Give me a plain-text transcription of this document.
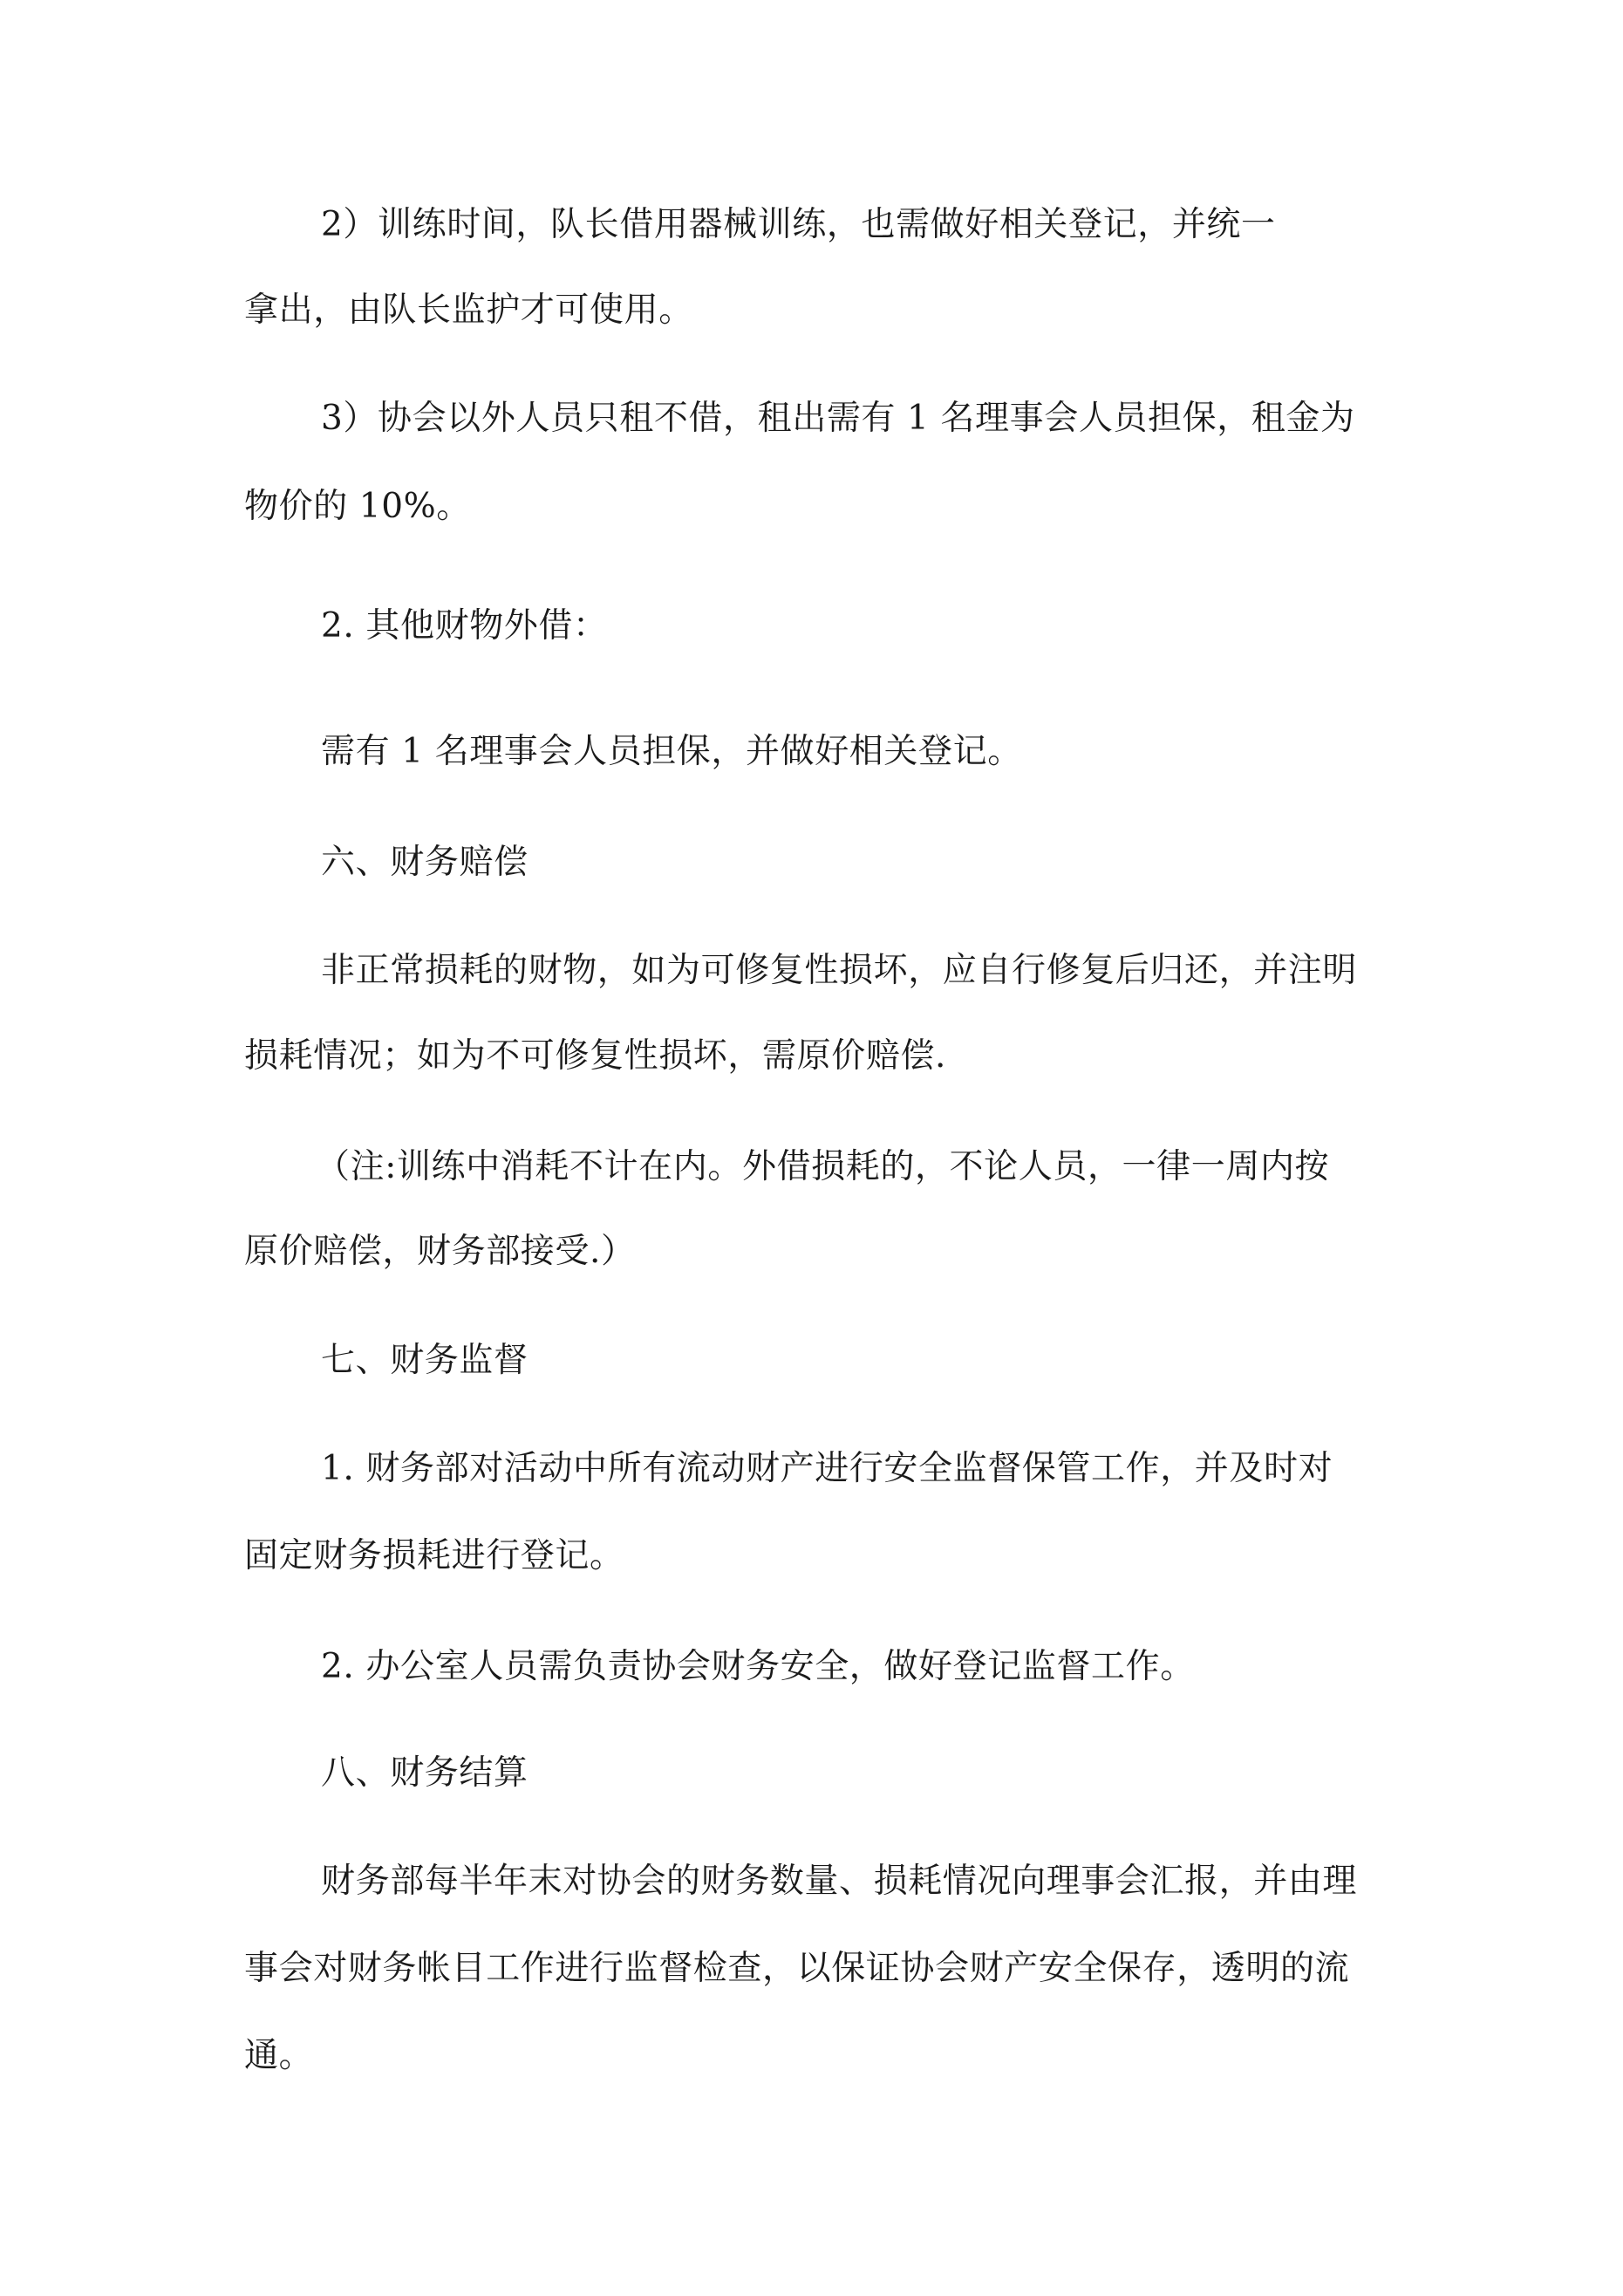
2）训练时间，队长借用器械训练，也需做好相关登记，并统一
拿出，由队长监护才可使用。
3）协会以外人员只租不借，租出需有 1 名理事会人员担保，租金为
物价的 10%。
2. 其他财物外借：
需有 1 名理事会人员担保，并做好相关登记。
六、财务赔偿
非正常损耗的财物，如为可修复性损坏，应自行修复后归还，并注明
损耗情况；如为不可修复性损坏，需原价赔偿.
（注:训练中消耗不计在内。外借损耗的，不论人员，一律一周内按
原价赔偿，财务部接受.）
七、财务监督
1. 财务部对活动中所有流动财产进行安全监督保管工作，并及时对
固定财务损耗进行登记。
2. 办公室人员需负责协会财务安全，做好登记监督工作。
八、财务结算
财务部每半年末对协会的财务数量、损耗情况向理事会汇报，并由理
事会对财务帐目工作进行监督检查，以保证协会财产安全保存，透明的流
通。
